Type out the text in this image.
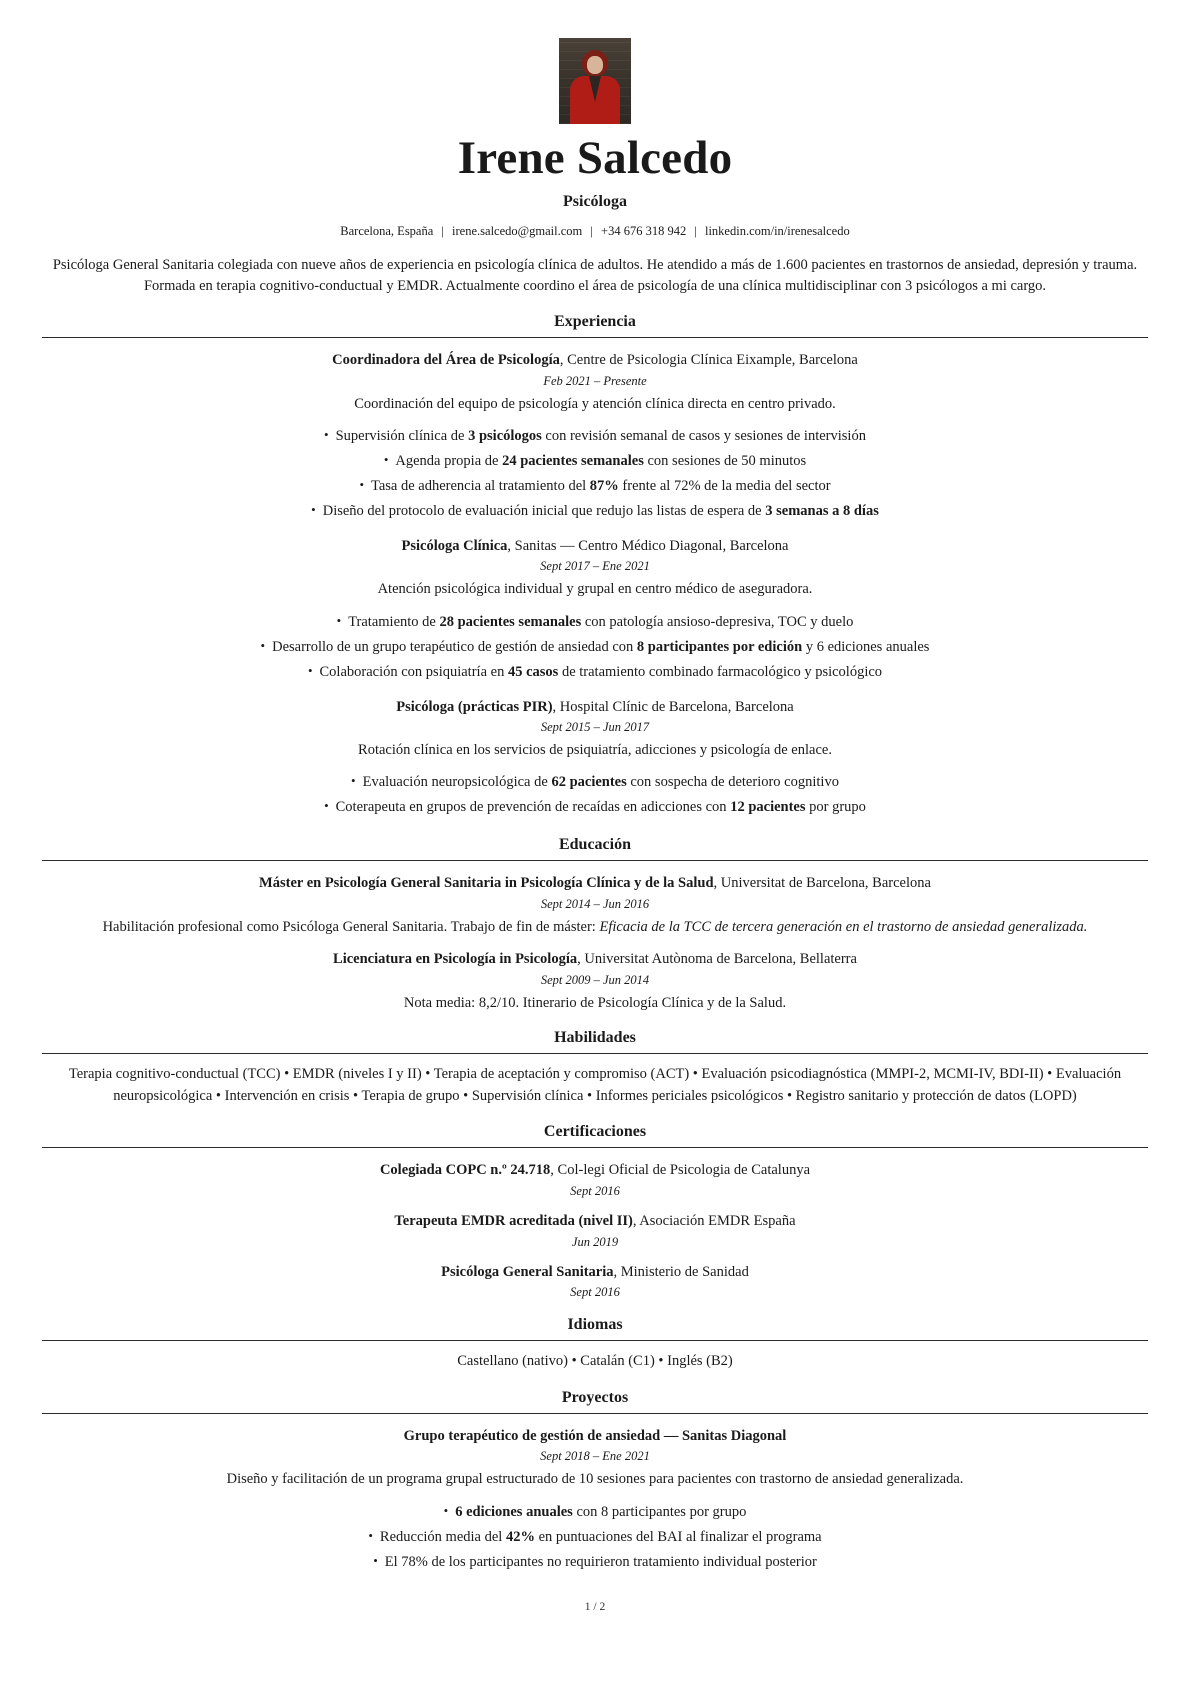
Irene Salcedo
Psicóloga
Barcelona, España | irene.salcedo@gmail.com | +34 676 318 942 | linkedin.com/in/irenesalcedo
Psicóloga General Sanitaria colegiada con nueve años de experiencia en psicología clínica de adultos. He atendido a más de 1.600 pacientes en trastornos de ansiedad, depresión y trauma. Formada en terapia cognitivo-conductual y EMDR. Actualmente coordino el área de psicología de una clínica multidisciplinar con 3 psicólogos a mi cargo.
Experiencia
Coordinadora del Área de Psicología, Centre de Psicologia Clínica Eixample, Barcelona
Feb 2021 – Presente
Coordinación del equipo de psicología y atención clínica directa en centro privado.
• Supervisión clínica de 3 psicólogos con revisión semanal de casos y sesiones de intervisión
• Agenda propia de 24 pacientes semanales con sesiones de 50 minutos
• Tasa de adherencia al tratamiento del 87% frente al 72% de la media del sector
• Diseño del protocolo de evaluación inicial que redujo las listas de espera de 3 semanas a 8 días
Psicóloga Clínica, Sanitas — Centro Médico Diagonal, Barcelona
Sept 2017 – Ene 2021
Atención psicológica individual y grupal en centro médico de aseguradora.
• Tratamiento de 28 pacientes semanales con patología ansioso-depresiva, TOC y duelo
• Desarrollo de un grupo terapéutico de gestión de ansiedad con 8 participantes por edición y 6 ediciones anuales
• Colaboración con psiquiatría en 45 casos de tratamiento combinado farmacológico y psicológico
Psicóloga (prácticas PIR), Hospital Clínic de Barcelona, Barcelona
Sept 2015 – Jun 2017
Rotación clínica en los servicios de psiquiatría, adicciones y psicología de enlace.
• Evaluación neuropsicológica de 62 pacientes con sospecha de deterioro cognitivo
• Coterapeuta en grupos de prevención de recaídas en adicciones con 12 pacientes por grupo
Educación
Máster en Psicología General Sanitaria in Psicología Clínica y de la Salud, Universitat de Barcelona, Barcelona
Sept 2014 – Jun 2016
Habilitación profesional como Psicóloga General Sanitaria. Trabajo de fin de máster: Eficacia de la TCC de tercera generación en el trastorno de ansiedad generalizada.
Licenciatura en Psicología in Psicología, Universitat Autònoma de Barcelona, Bellaterra
Sept 2009 – Jun 2014
Nota media: 8,2/10. Itinerario de Psicología Clínica y de la Salud.
Habilidades
Terapia cognitivo-conductual (TCC) • EMDR (niveles I y II) • Terapia de aceptación y compromiso (ACT) • Evaluación psicodiagnóstica (MMPI-2, MCMI-IV, BDI-II) • Evaluación neuropsicológica • Intervención en crisis • Terapia de grupo • Supervisión clínica • Informes periciales psicológicos • Registro sanitario y protección de datos (LOPD)
Certificaciones
Colegiada COPC n.º 24.718, Col-legi Oficial de Psicologia de Catalunya
Sept 2016
Terapeuta EMDR acreditada (nivel II), Asociación EMDR España
Jun 2019
Psicóloga General Sanitaria, Ministerio de Sanidad
Sept 2016
Idiomas
Castellano (nativo) • Catalán (C1) • Inglés (B2)
Proyectos
Grupo terapéutico de gestión de ansiedad — Sanitas Diagonal
Sept 2018 – Ene 2021
Diseño y facilitación de un programa grupal estructurado de 10 sesiones para pacientes con trastorno de ansiedad generalizada.
• 6 ediciones anuales con 8 participantes por grupo
• Reducción media del 42% en puntuaciones del BAI al finalizar el programa
• El 78% de los participantes no requirieron tratamiento individual posterior
1 / 2
